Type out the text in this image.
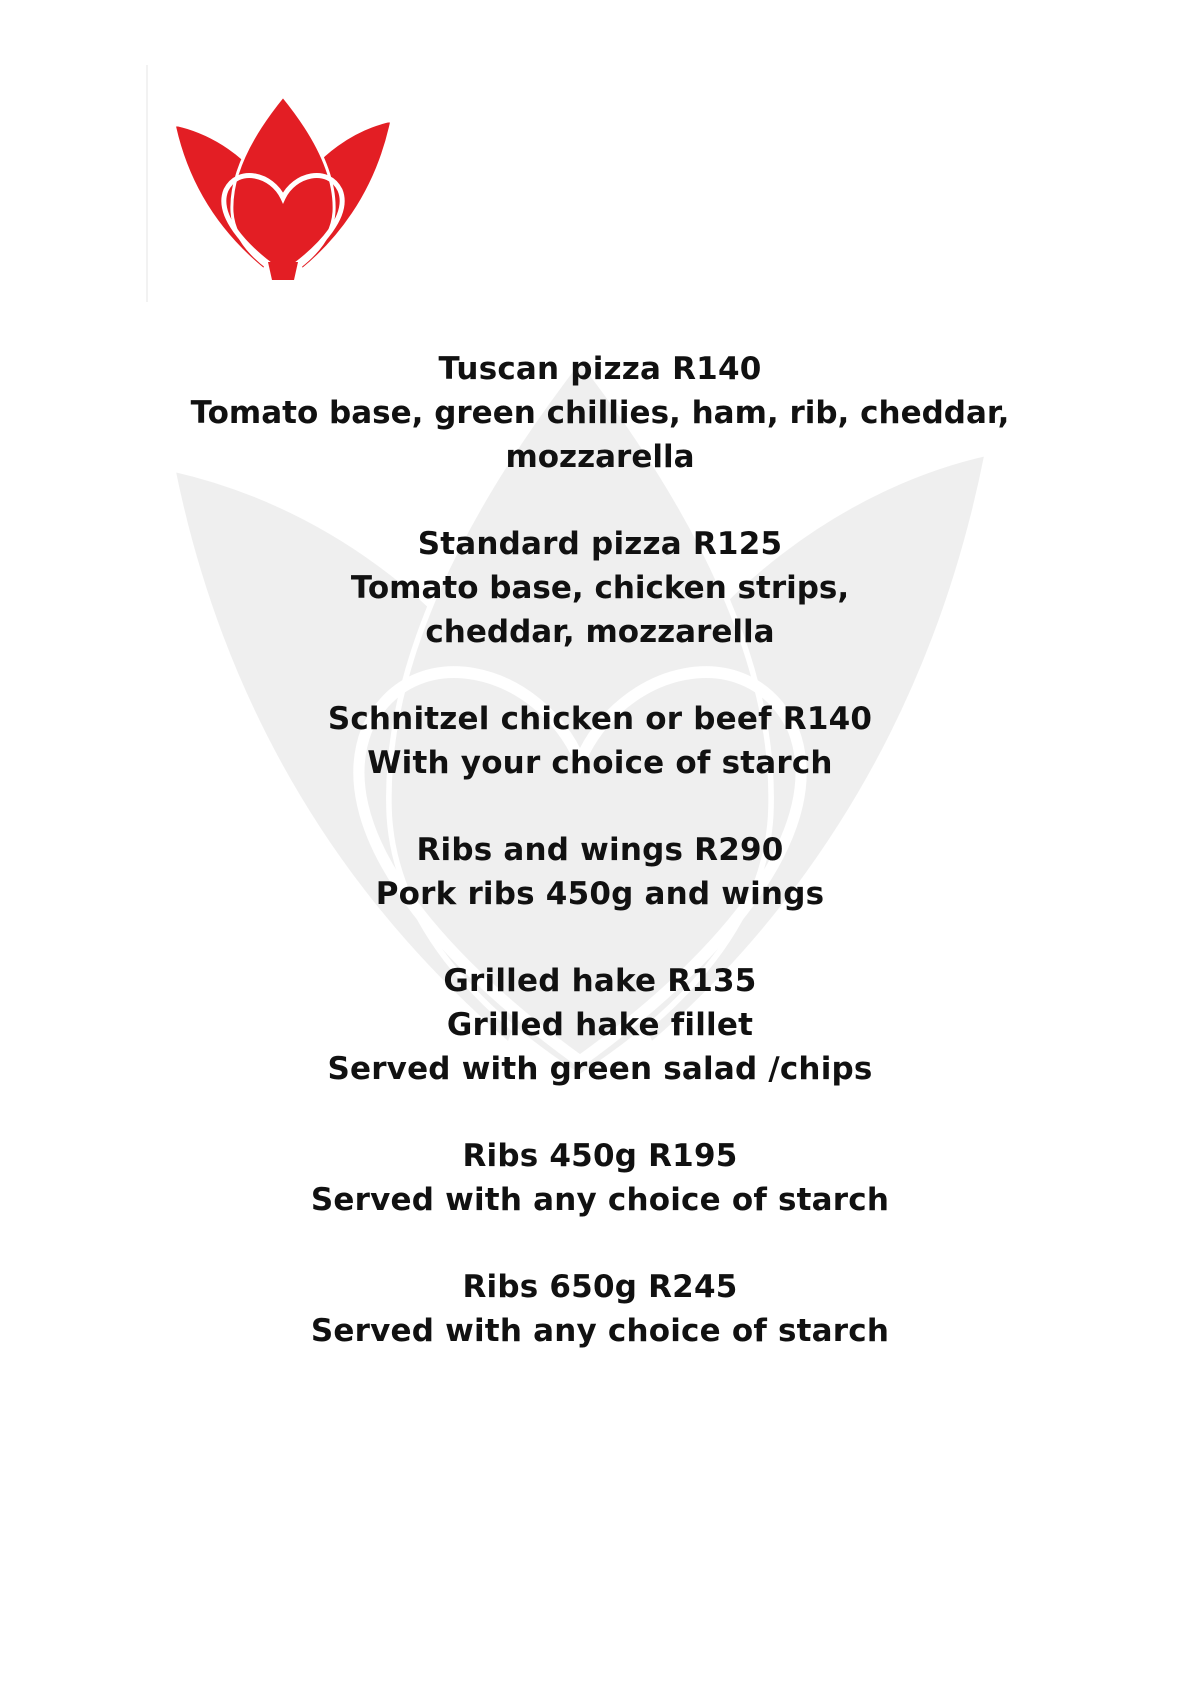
Tuscan pizza R140
Tomato base, green chillies, ham, rib, cheddar, mozzarella
Standard pizza R125
Tomato base, chicken strips, cheddar, mozzarella
Schnitzel chicken or beef R140
With your choice of starch
Ribs and wings R290
Pork ribs 450g and wings
Grilled hake R135
Grilled hake fillet
Served with green salad /chips
Ribs 450g R195
Served with any choice of starch
Ribs 650g R245
Served with any choice of starch
